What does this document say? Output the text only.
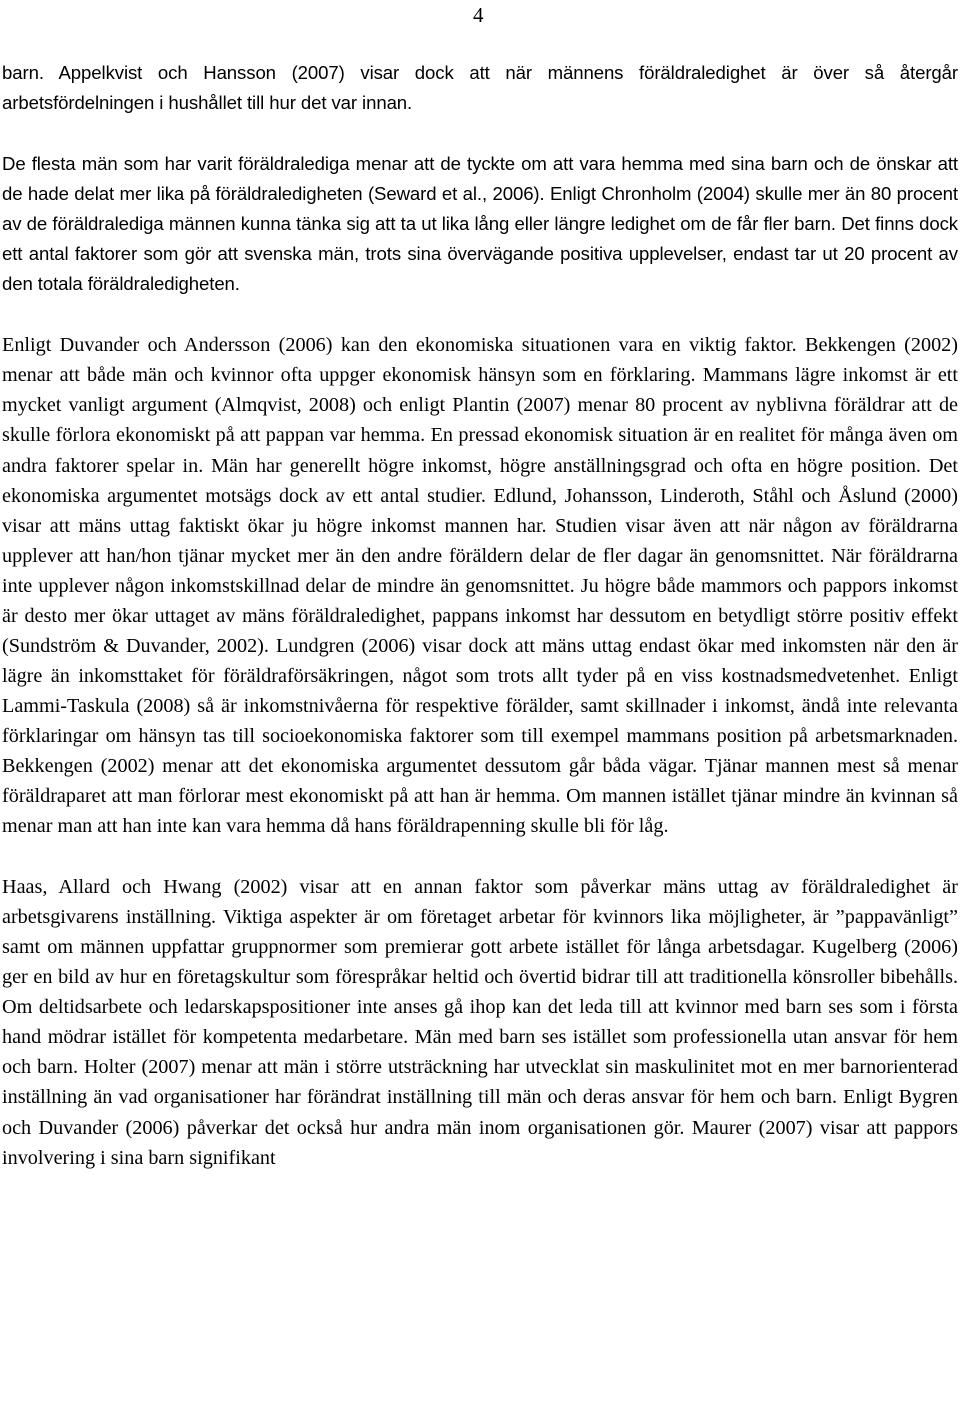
4

barn. Appelkvist och Hansson (2007) visar dock att när männens föräldraledighet är över så återgår arbetsfördelningen i hushållet till hur det var innan.

De flesta män som har varit föräldralediga menar att de tyckte om att vara hemma med sina barn och de önskar att de hade delat mer lika på föräldraledigheten (Seward et al., 2006). Enligt Chronholm (2004) skulle mer än 80 procent av de föräldralediga männen kunna tänka sig att ta ut lika lång eller längre ledighet om de får fler barn. Det finns dock ett antal faktorer som gör att svenska män, trots sina övervägande positiva upplevelser, endast tar ut 20 procent av den totala föräldraledigheten.

Enligt Duvander och Andersson (2006) kan den ekonomiska situationen vara en viktig faktor. Bekkengen (2002) menar att både män och kvinnor ofta uppger ekonomisk hänsyn som en förklaring. Mammans lägre inkomst är ett mycket vanligt argument (Almqvist, 2008) och enligt Plantin (2007) menar 80 procent av nyblivna föräldrar att de skulle förlora ekonomiskt på att pappan var hemma. En pressad ekonomisk situation är en realitet för många även om andra faktorer spelar in. Män har generellt högre inkomst, högre anställningsgrad och ofta en högre position. Det ekonomiska argumentet motsägs dock av ett antal studier. Edlund, Johansson, Linderoth, Ståhl och Åslund (2000) visar att mäns uttag faktiskt ökar ju högre inkomst mannen har. Studien visar även att när någon av föräldrarna upplever att han/hon tjänar mycket mer än den andre föräldern delar de fler dagar än genomsnittet. När föräldrarna inte upplever någon inkomstskillnad delar de mindre än genomsnittet. Ju högre både mammors och pappors inkomst är desto mer ökar uttaget av mäns föräldraledighet, pappans inkomst har dessutom en betydligt större positiv effekt (Sundström & Duvander, 2002). Lundgren (2006) visar dock att mäns uttag endast ökar med inkomsten när den är lägre än inkomsttaket för föräldraförsäkringen, något som trots allt tyder på en viss kostnadsmedvetenhet. Enligt Lammi-Taskula (2008) så är inkomstnivåerna för respektive förälder, samt skillnader i inkomst, ändå inte relevanta förklaringar om hänsyn tas till socioekonomiska faktorer som till exempel mammans position på arbetsmarknaden. Bekkengen (2002) menar att det ekonomiska argumentet dessutom går båda vägar. Tjänar mannen mest så menar föräldraparet att man förlorar mest ekonomiskt på att han är hemma. Om mannen istället tjänar mindre än kvinnan så menar man att han inte kan vara hemma då hans föräldrapenning skulle bli för låg.

Haas, Allard och Hwang (2002) visar att en annan faktor som påverkar mäns uttag av föräldraledighet är arbetsgivarens inställning. Viktiga aspekter är om företaget arbetar för kvinnors lika möjligheter, är ”pappavänligt” samt om männen uppfattar gruppnormer som premierar gott arbete istället för långa arbetsdagar. Kugelberg (2006) ger en bild av hur en företagskultur som förespråkar heltid och övertid bidrar till att traditionella könsroller bibehålls. Om deltidsarbete och ledarskapspositioner inte anses gå ihop kan det leda till att kvinnor med barn ses som i första hand mödrar istället för kompetenta medarbetare. Män med barn ses istället som professionella utan ansvar för hem och barn. Holter (2007) menar att män i större utsträckning har utvecklat sin maskulinitet mot en mer barnorienterad inställning än vad organisationer har förändrat inställning till män och deras ansvar för hem och barn. Enligt Bygren och Duvander (2006) påverkar det också hur andra män inom organisationen gör. Maurer (2007) visar att pappors involvering i sina barn signifikant
